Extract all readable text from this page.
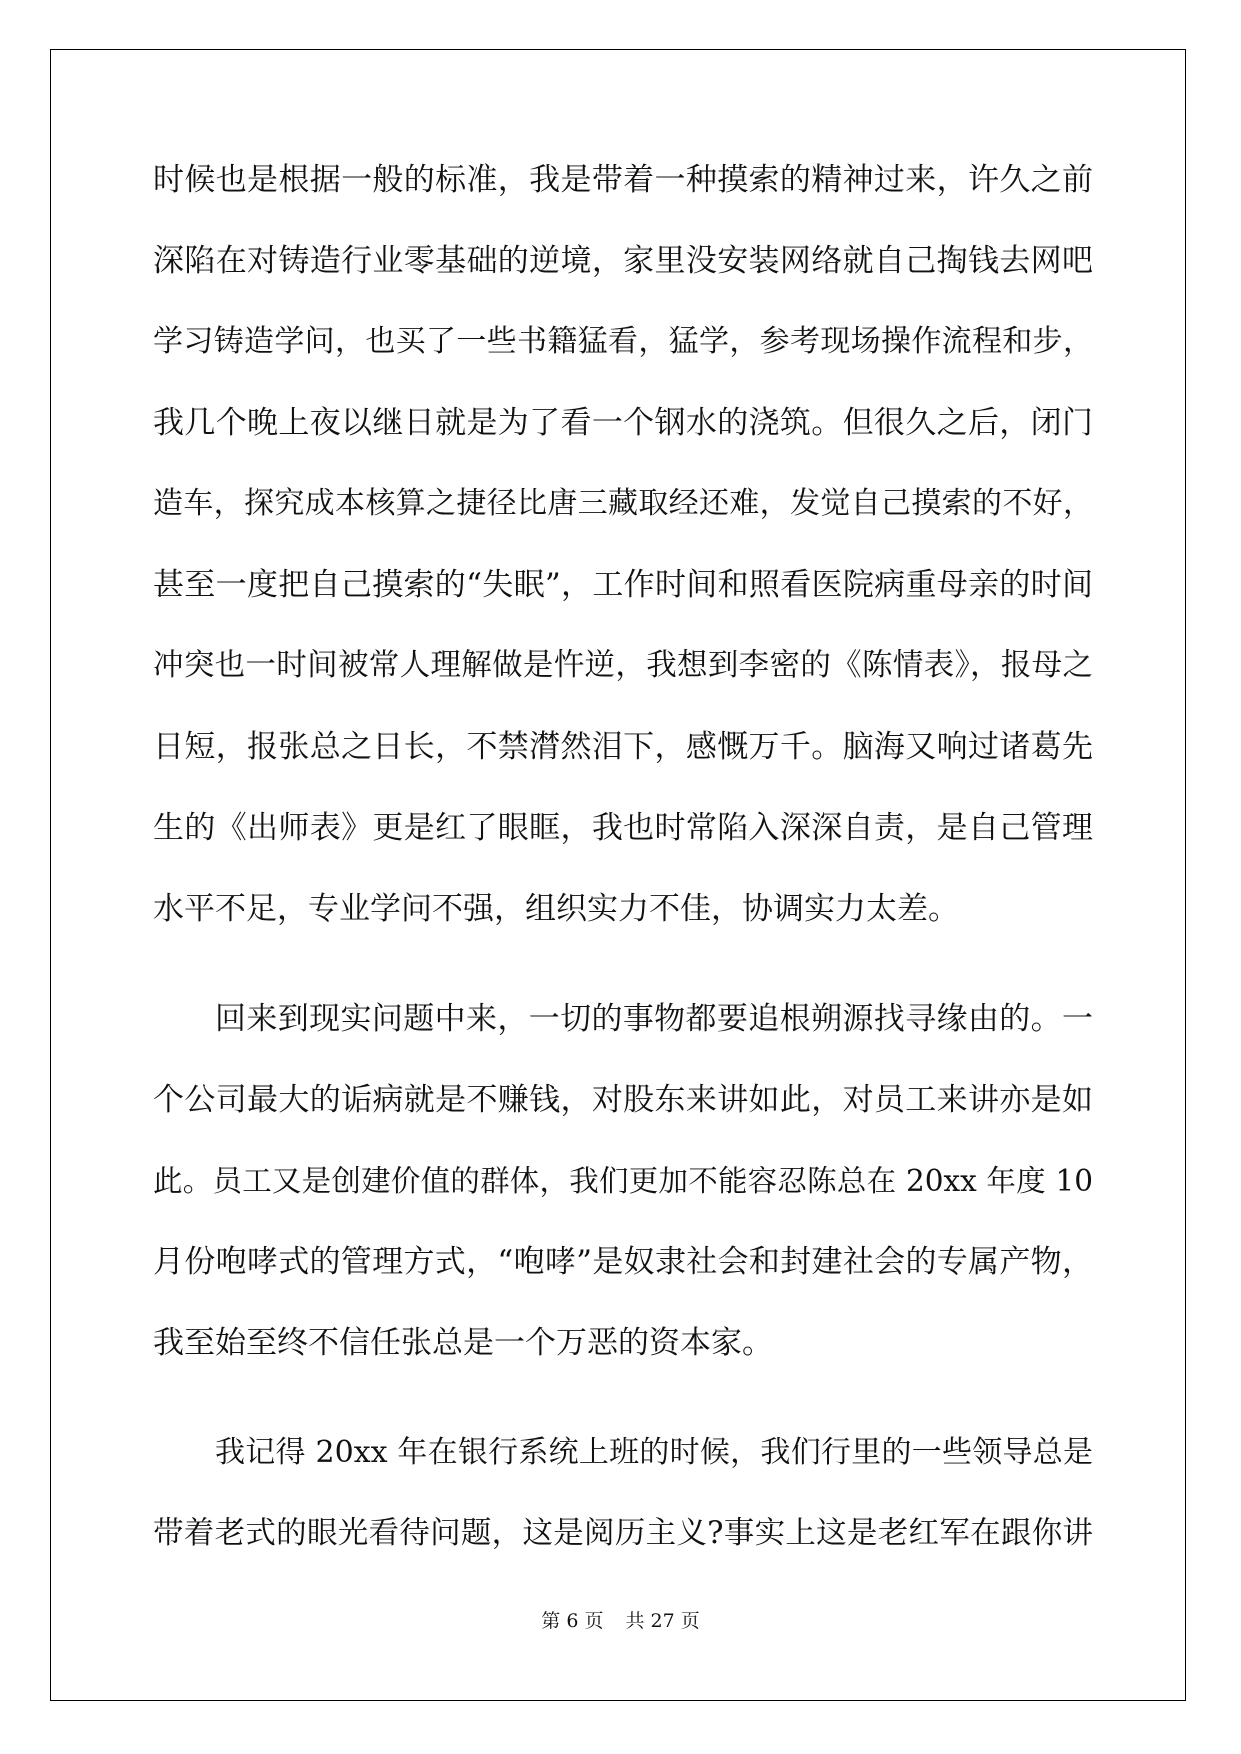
时候也是根据一般的标准，我是带着一种摸索的精神过来，许久之前
深陷在对铸造行业零基础的逆境，家里没安装网络就自己掏钱去网吧
学习铸造学问，也买了一些书籍猛看，猛学，参考现场操作流程和步，
我几个晚上夜以继日就是为了看一个钢水的浇筑。但很久之后，闭门
造车，探究成本核算之捷径比唐三藏取经还难，发觉自己摸索的不好，
甚至一度把自己摸索的“失眠”，工作时间和照看医院病重母亲的时间
冲突也一时间被常人理解做是忤逆，我想到李密的《陈情表》，报母之
日短，报张总之日长，不禁潸然泪下，感慨万千。脑海又响过诸葛先
生的《出师表》更是红了眼眶，我也时常陷入深深自责，是自己管理
水平不足，专业学问不强，组织实力不佳，协调实力太差。
回来到现实问题中来，一切的事物都要追根朔源找寻缘由的。一
个公司最大的诟病就是不赚钱，对股东来讲如此，对员工来讲亦是如
此。员工又是创建价值的群体，我们更加不能容忍陈总在 20xx 年度 10
月份咆哮式的管理方式，“咆哮”是奴隶社会和封建社会的专属产物，
我至始至终不信任张总是一个万恶的资本家。
我记得 20xx 年在银行系统上班的时候，我们行里的一些领导总是
带着老式的眼光看待问题，这是阅历主义?事实上这是老红军在跟你讲
第 6 页 共 27 页
